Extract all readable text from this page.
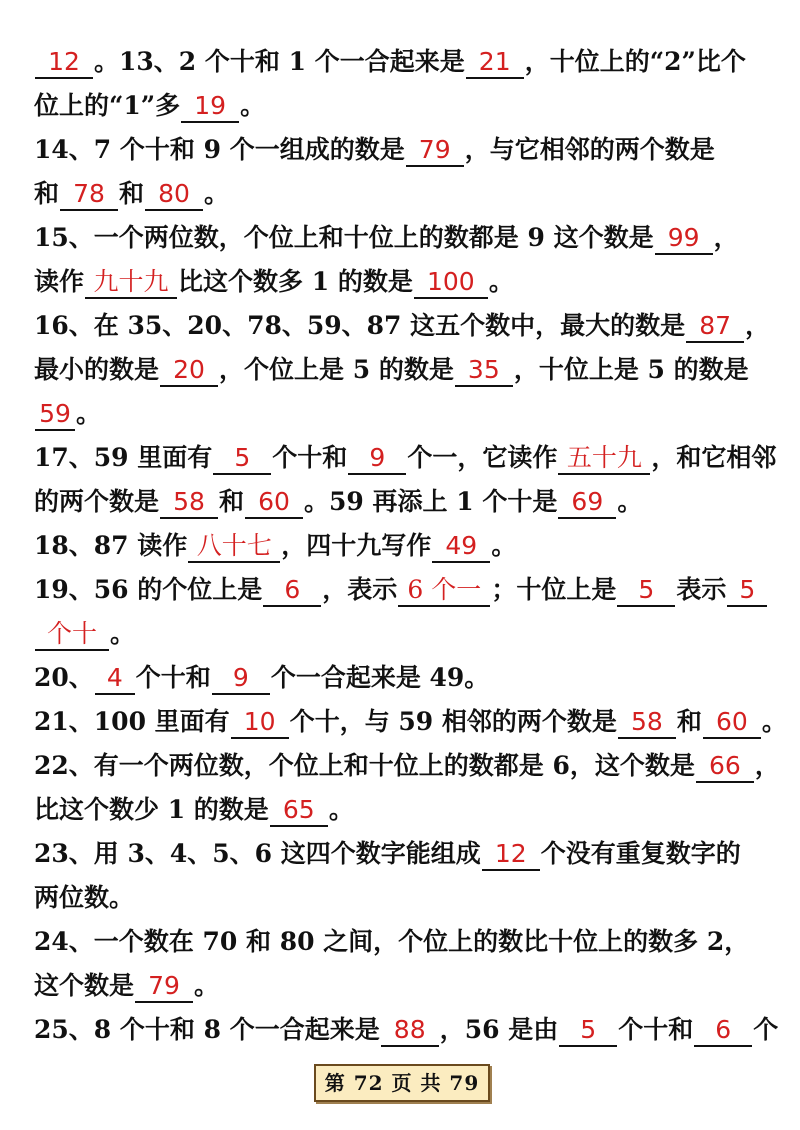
12 。13、2 个十和 1 个一合起来是 21 ，十位上的“2”比个
位上的“1”多 19 。
14、7 个十和 9 个一组成的数是 79 ，与它相邻的两个数是
和 78 和 80 。
15、一个两位数，个位上和十位上的数都是 9 这个数是 99 ，
读作 九十九 比这个数多 1 的数是 100 。
16、在 35、20、78、59、87 这五个数中，最大的数是 87 ，
最小的数是 20 ，个位上是 5 的数是 35 ，十位上是 5 的数是
59 。
17、59 里面有 5 个十和 9 个一，它读作 五十九 ，和它相邻
的两个数是 58 和 60 。59 再添上 1 个十是 69 。
18、87 读作 八十七 ，四十九写作 49 。
19、56 的个位上是 6 ，表示 6 个一 ；十位上是 5 表示 5
个十 。
20、 4 个十和 9 个一合起来是 49。
21、100 里面有 10 个十，与 59 相邻的两个数是 58 和 60 。
22、有一个两位数，个位上和十位上的数都是 6，这个数是 66 ，
比这个数少 1 的数是 65 。
23、用 3、4、5、6 这四个数字能组成 12 个没有重复数字的
两位数。
24、一个数在 70 和 80 之间，个位上的数比十位上的数多 2，
这个数是 79 。
25、8 个十和 8 个一合起来是 88 ，56 是由 5 个十和 6 个
第 72 页 共 79
